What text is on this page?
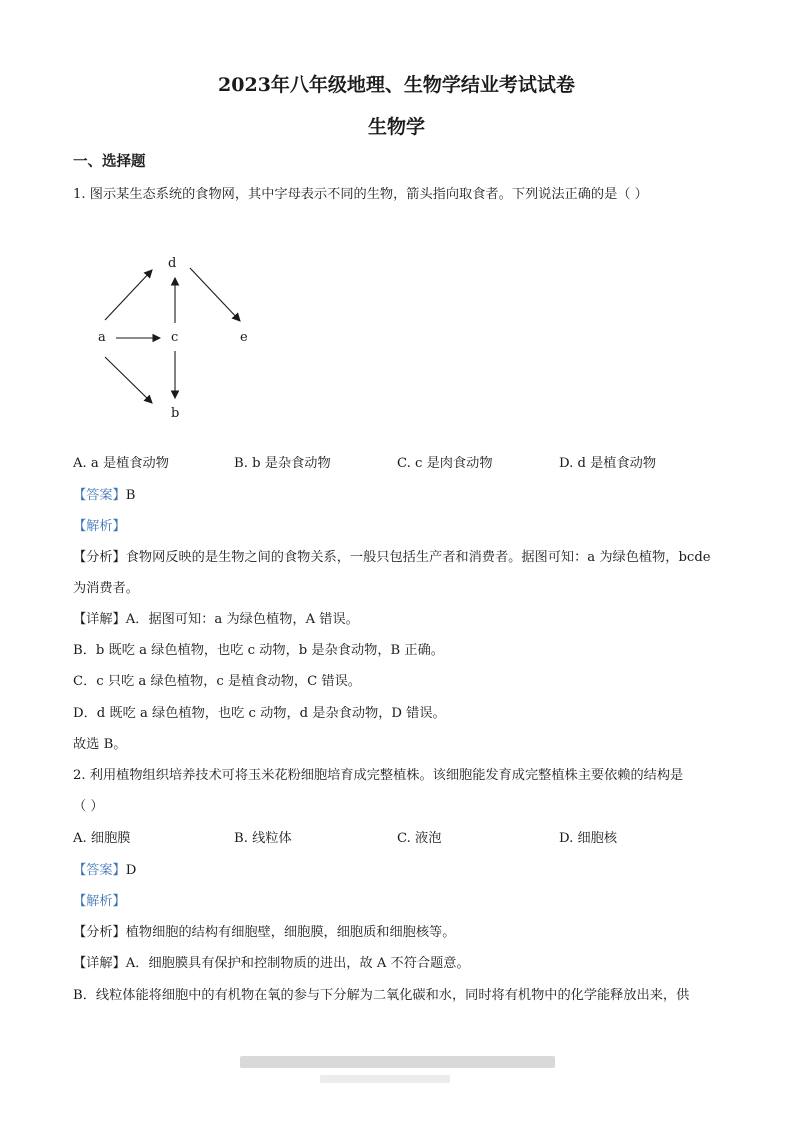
2023年八年级地理、生物学结业考试试卷
生物学
一、选择题
1. 图示某生态系统的食物网，其中字母表示不同的生物，箭头指向取食者。下列说法正确的是（ ）
d
a	c	e
b
A. a 是植食动物	B. b 是杂食动物	C. c 是肉食动物	D. d 是植食动物
【答案】B
【解析】
【分析】食物网反映的是生物之间的食物关系，一般只包括生产者和消费者。据图可知：a 为绿色植物，bcde
为消费者。
【详解】A．据图可知：a 为绿色植物，A 错误。
B．b 既吃 a 绿色植物，也吃 c 动物，b 是杂食动物，B 正确。
C．c 只吃 a 绿色植物，c 是植食动物，C 错误。
D．d 既吃 a 绿色植物，也吃 c 动物，d 是杂食动物，D 错误。
故选 B。
2. 利用植物组织培养技术可将玉米花粉细胞培育成完整植株。该细胞能发育成完整植株主要依赖的结构是
（ ）
A. 细胞膜	B. 线粒体	C. 液泡	D. 细胞核
【答案】D
【解析】
【分析】植物细胞的结构有细胞壁，细胞膜，细胞质和细胞核等。
【详解】A．细胞膜具有保护和控制物质的进出，故 A 不符合题意。
B．线粒体能将细胞中的有机物在氧的参与下分解为二氧化碳和水，同时将有机物中的化学能释放出来，供
